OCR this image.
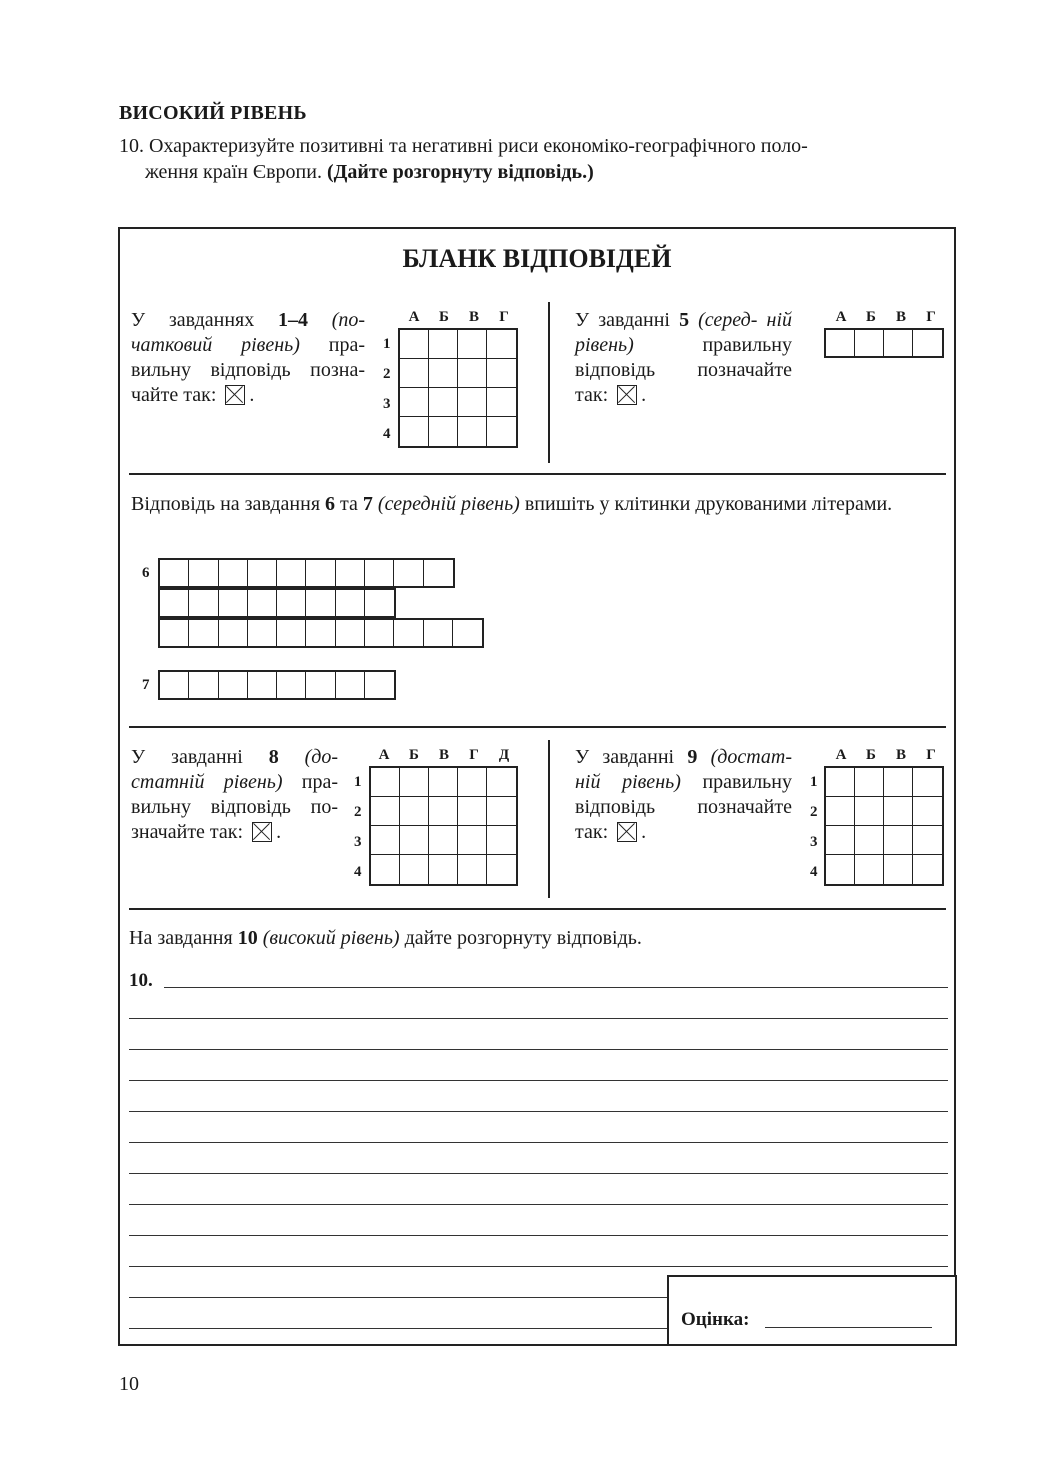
ВИСОКИЙ РІВЕНЬ
10. Охарактеризуйте позитивні та негативні риси економіко-географічного поло-
ження країн Європи. (Дайте розгорнуту відповідь.)
БЛАНК ВІДПОВІДЕЙ
У завданнях 1–4 (по- чатковий рівень) пра- вильну відповідь позна- чайте так: .
А	Б	В	Г
1
2
3
4
У завданні 5 (серед- ній рівень)	правильну відповідь позначайте так: .
А	Б	В	Г
Відповідь на завдання 6 та 7 (середній рівень) впишіть у клітинки друкованими літерами.
6
7
У завданні 8 (до- статній рівень) пра- вильну відповідь по- значайте так: .
А	Б	В	Г	Д
1
2
3
4
У завданні 9 (достат- ній рівень) правильну відповідь позначайте так: .
А	Б	В	Г
1
2
3
4
На завдання 10 (високий рівень) дайте розгорнуту відповідь.
10.
Оцінка:
10
